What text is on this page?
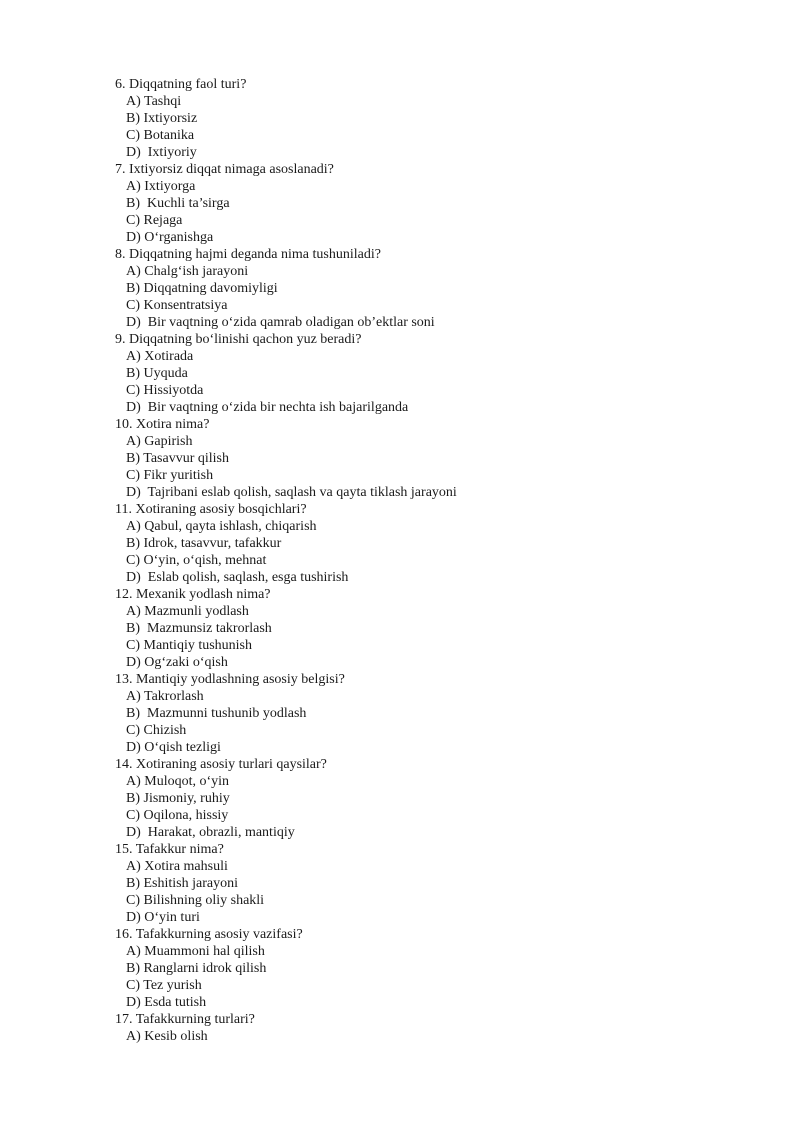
6. Diqqatning faol turi?
A) Tashqi
B) Ixtiyorsiz
C) Botanika
D)  Ixtiyoriy
7. Ixtiyorsiz diqqat nimaga asoslanadi?
A) Ixtiyorga
B)  Kuchli ta’sirga
C) Rejaga
D) O‘rganishga
8. Diqqatning hajmi deganda nima tushuniladi?
A) Chalg‘ish jarayoni
B) Diqqatning davomiyligi
C) Konsentratsiya
D)  Bir vaqtning o‘zida qamrab oladigan ob’ektlar soni
9. Diqqatning bo‘linishi qachon yuz beradi?
A) Xotirada
B) Uyquda
C) Hissiyotda
D)  Bir vaqtning o‘zida bir nechta ish bajarilganda
10. Xotira nima?
A) Gapirish
B) Tasavvur qilish
C) Fikr yuritish
D)  Tajribani eslab qolish, saqlash va qayta tiklash jarayoni
11. Xotiraning asosiy bosqichlari?
A) Qabul, qayta ishlash, chiqarish
B) Idrok, tasavvur, tafakkur
C) O‘yin, o‘qish, mehnat
D)  Eslab qolish, saqlash, esga tushirish
12. Mexanik yodlash nima?
A) Mazmunli yodlash
B)  Mazmunsiz takrorlash
C) Mantiqiy tushunish
D) Og‘zaki o‘qish
13. Mantiqiy yodlashning asosiy belgisi?
A) Takrorlash
B)  Mazmunni tushunib yodlash
C) Chizish
D) O‘qish tezligi
14. Xotiraning asosiy turlari qaysilar?
A) Muloqot, o‘yin
B) Jismoniy, ruhiy
C) Oqilona, hissiy
D)  Harakat, obrazli, mantiqiy
15. Tafakkur nima?
A) Xotira mahsuli
B) Eshitish jarayoni
C) Bilishning oliy shakli
D) O‘yin turi
16. Tafakkurning asosiy vazifasi?
A) Muammoni hal qilish
B) Ranglarni idrok qilish
C) Tez yurish
D) Esda tutish
17. Tafakkurning turlari?
A) Kesib olish
